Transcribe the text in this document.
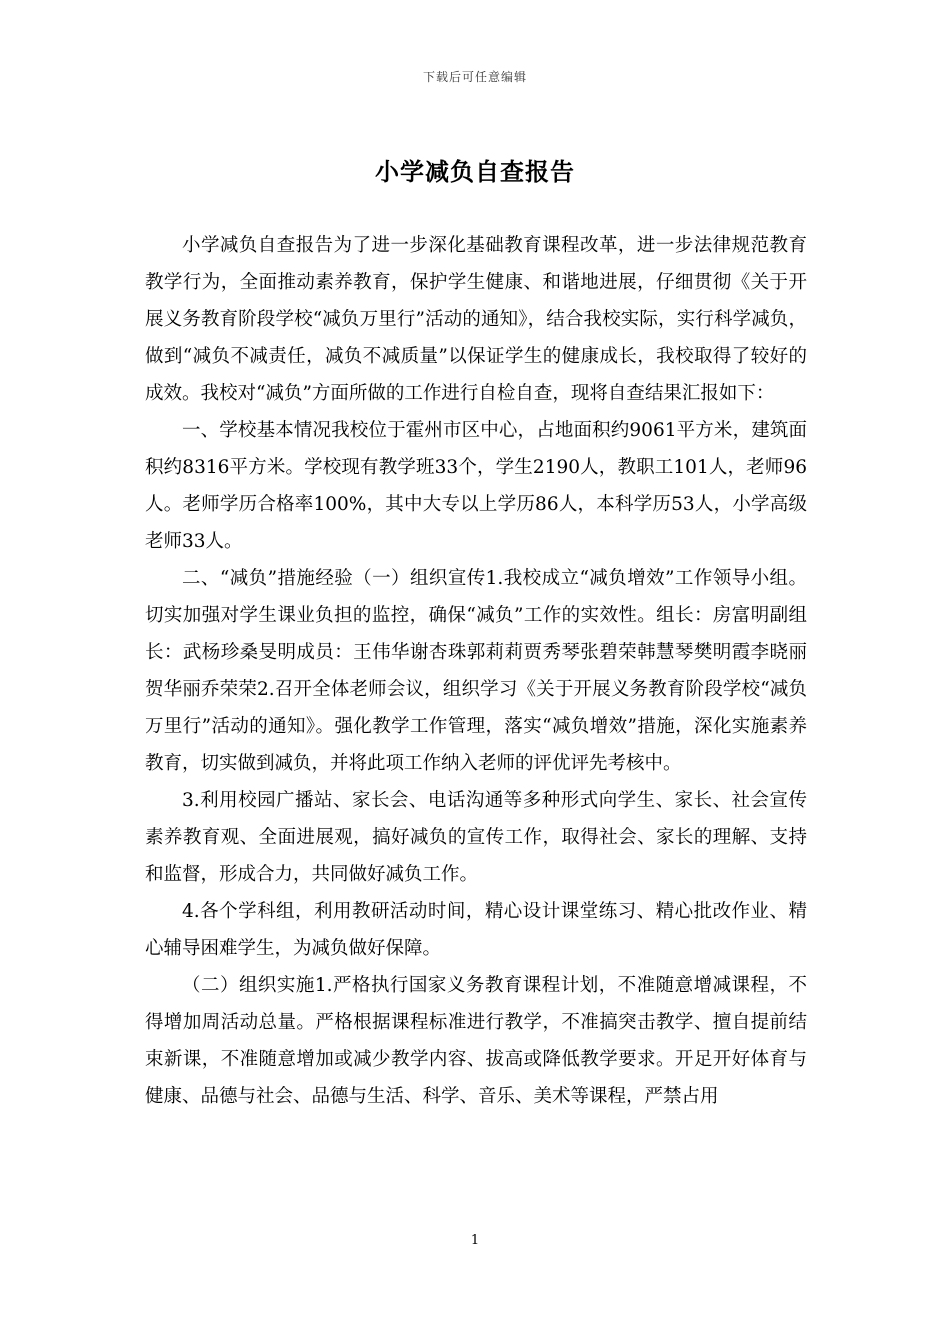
下载后可任意编辑
小学减负自查报告

小学减负自查报告为了进一步深化基础教育课程改革，进一步法律规范教育教学行为，全面推动素养教育，保护学生健康、和谐地进展，仔细贯彻《关于开展义务教育阶段学校“减负万里行”活动的通知》，结合我校实际，实行科学减负，做到“减负不减责任，减负不减质量”以保证学生的健康成长，我校取得了较好的成效。我校对“减负”方面所做的工作进行自检自查，现将自查结果汇报如下：

一、学校基本情况我校位于霍州市区中心，占地面积约9061平方米，建筑面积约8316平方米。学校现有教学班33个，学生2190人，教职工101人，老师96人。老师学历合格率100%，其中大专以上学历86人，本科学历53人，小学高级老师33人。

二、“减负”措施经验（一）组织宣传1.我校成立“减负增效”工作领导小组。切实加强对学生课业负担的监控，确保“减负”工作的实效性。组长：房富明副组长：武杨珍桑旻明成员：王伟华谢杏珠郭莉莉贾秀琴张碧荣韩慧琴樊明霞李晓丽贺华丽乔荣荣2.召开全体老师会议，组织学习《关于开展义务教育阶段学校“减负万里行”活动的通知》。强化教学工作管理，落实“减负增效”措施，深化实施素养教育，切实做到减负，并将此项工作纳入老师的评优评先考核中。

3.利用校园广播站、家长会、电话沟通等多种形式向学生、家长、社会宣传素养教育观、全面进展观，搞好减负的宣传工作，取得社会、家长的理解、支持和监督，形成合力，共同做好减负工作。

4.各个学科组，利用教研活动时间，精心设计课堂练习、精心批改作业、精心辅导困难学生，为减负做好保障。

（二）组织实施1.严格执行国家义务教育课程计划，不准随意增减课程，不得增加周活动总量。严格根据课程标准进行教学，不准搞突击教学、擅自提前结束新课，不准随意增加或减少教学内容、拔高或降低教学要求。开足开好体育与健康、品德与社会、品德与生活、科学、音乐、美术等课程，严禁占用

1
